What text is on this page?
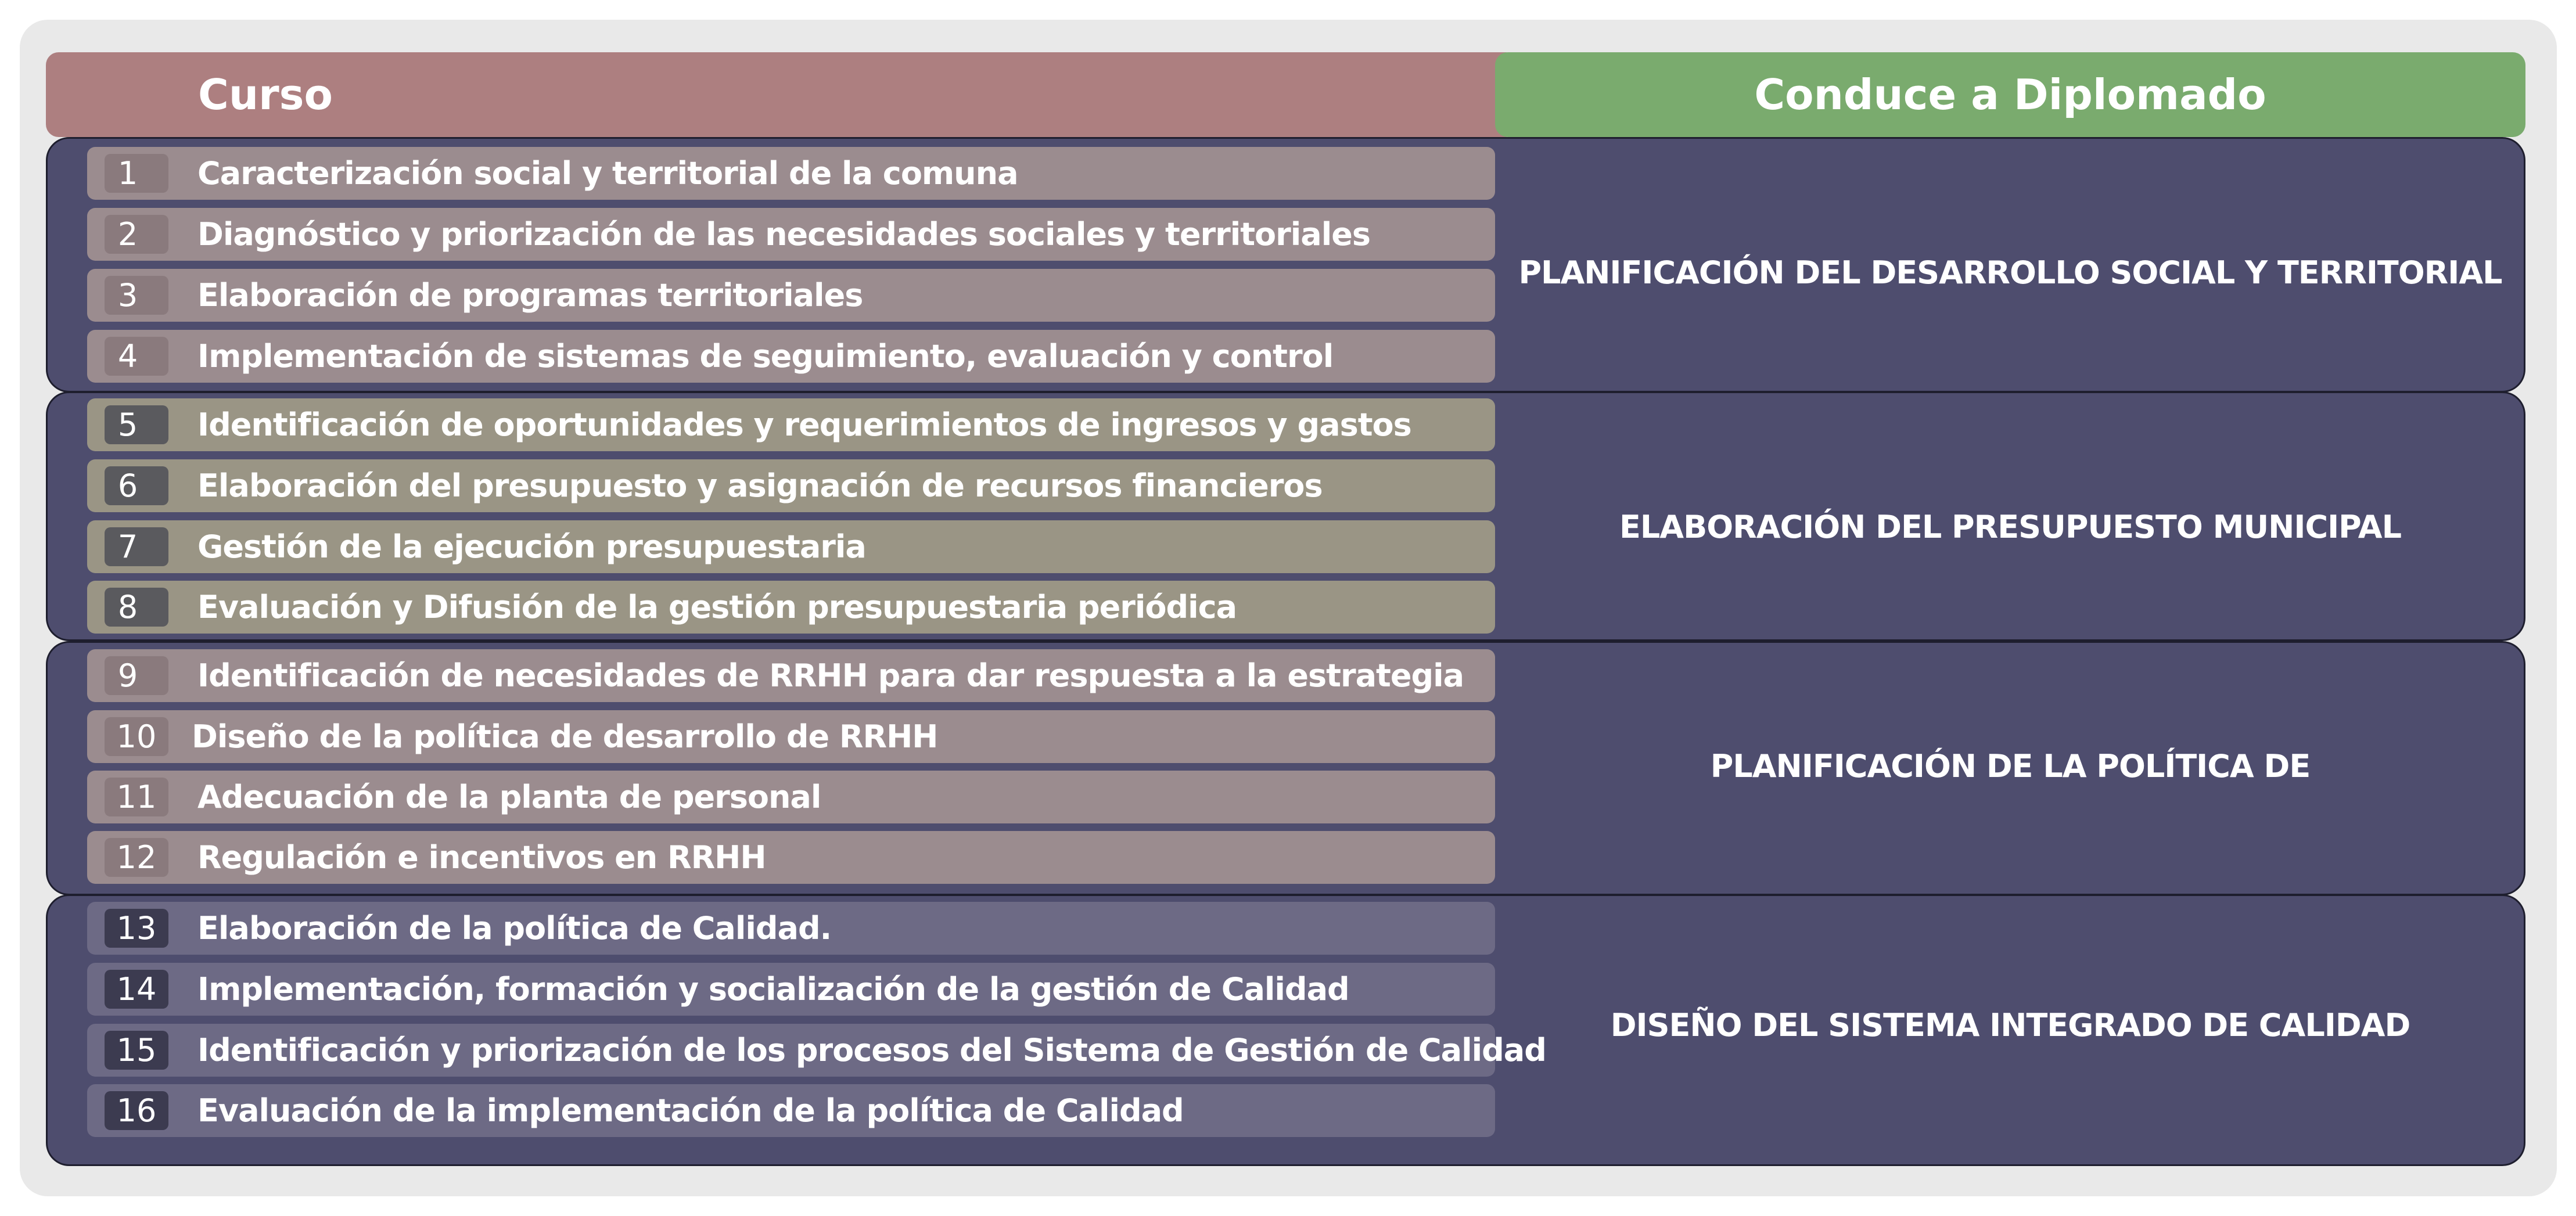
Curso	Conduce a Diplomado
1	Caracterización social y territorial de la comuna
2	Diagnóstico y priorización de las necesidades sociales y territoriales
3	Elaboración de programas territoriales
4	Implementación de sistemas de seguimiento, evaluación y control
PLANIFICACIÓN DEL DESARROLLO SOCIAL Y TERRITORIAL
5	Identificación de oportunidades y requerimientos de ingresos y gastos
6	Elaboración del presupuesto y asignación de recursos financieros
7	Gestión de la ejecución presupuestaria
8	Evaluación y Difusión de la gestión presupuestaria periódica
ELABORACIÓN DEL PRESUPUESTO MUNICIPAL
9	Identificación de necesidades de RRHH para dar respuesta a la estrategia
10	Diseño de la política de desarrollo de RRHH
11	Adecuación de la planta de personal
12	Regulación e incentivos en RRHH
PLANIFICACIÓN DE LA POLÍTICA DE
13	Elaboración de la política de Calidad.
14	Implementación, formación y socialización de la gestión de Calidad
15	Identificación y priorización de los procesos del Sistema de Gestión de Calidad
16	Evaluación de la implementación de la política de Calidad
DISEÑO DEL SISTEMA INTEGRADO DE CALIDAD
